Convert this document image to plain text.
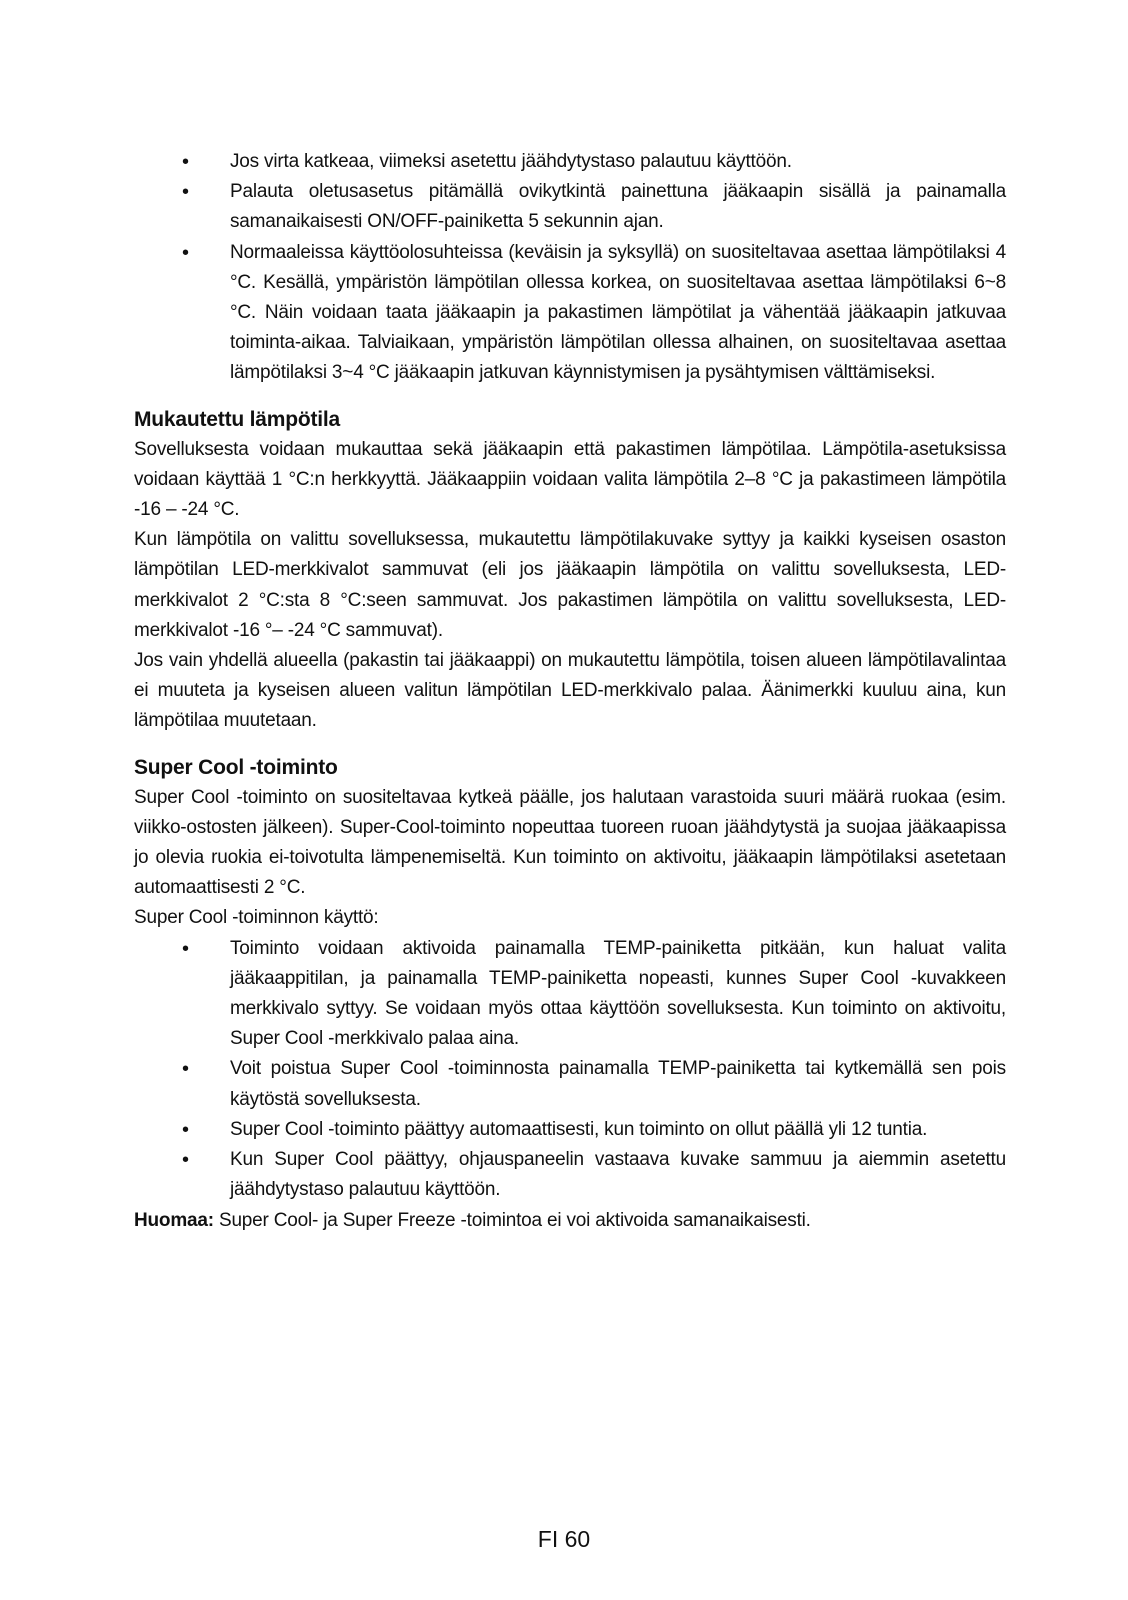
• Jos virta katkeaa, viimeksi asetettu jäähdytystaso palautuu käyttöön.
• Palauta oletusasetus pitämällä ovikytkintä painettuna jääkaapin sisällä ja painamalla samanaikaisesti ON/OFF-painiketta 5 sekunnin ajan.
• Normaaleissa käyttöolosuhteissa (keväisin ja syksyllä) on suositeltavaa asettaa lämpötilaksi 4 °C. Kesällä, ympäristön lämpötilan ollessa korkea, on suositeltavaa asettaa lämpötilaksi 6~8 °C. Näin voidaan taata jääkaapin ja pakastimen lämpötilat ja vähentää jääkaapin jatkuvaa toiminta-aikaa. Talviaikaan, ympäristön lämpötilan ollessa alhainen, on suositeltavaa asettaa lämpötilaksi 3~4 °C jääkaapin jatkuvan käynnistymisen ja pysähtymisen välttämiseksi.
Mukautettu lämpötila

Sovelluksesta voidaan mukauttaa sekä jääkaapin että pakastimen lämpötilaa. Lämpötila-asetuksissa voidaan käyttää 1 °C:n herkkyyttä. Jääkaappiin voidaan valita lämpötila 2–8 °C ja pakastimeen lämpötila -16 – -24 °C.

Kun lämpötila on valittu sovelluksessa, mukautettu lämpötilakuvake syttyy ja kaikki kyseisen osaston lämpötilan LED-merkkivalot sammuvat (eli jos jääkaapin lämpötila on valittu sovelluksesta, LED-merkkivalot 2 °C:sta 8 °C:seen sammuvat. Jos pakastimen lämpötila on valittu sovelluksesta, LED-merkkivalot -16 °– -24 °C sammuvat).

Jos vain yhdellä alueella (pakastin tai jääkaappi) on mukautettu lämpötila, toisen alueen lämpötilavalintaa ei muuteta ja kyseisen alueen valitun lämpötilan LED-merkkivalo palaa. Äänimerkki kuuluu aina, kun lämpötilaa muutetaan.

Super Cool -toiminto

Super Cool -toiminto on suositeltavaa kytkeä päälle, jos halutaan varastoida suuri määrä ruokaa (esim. viikko-ostosten jälkeen). Super-Cool-toiminto nopeuttaa tuoreen ruoan jäähdytystä ja suojaa jääkaapissa jo olevia ruokia ei-toivotulta lämpenemiseltä. Kun toiminto on aktivoitu, jääkaapin lämpötilaksi asetetaan automaattisesti 2 °C.

Super Cool -toiminnon käyttö:

• Toiminto voidaan aktivoida painamalla TEMP-painiketta pitkään, kun haluat valita jääkaappitilan, ja painamalla TEMP-painiketta nopeasti, kunnes Super Cool -kuvakkeen merkkivalo syttyy. Se voidaan myös ottaa käyttöön sovelluksesta. Kun toiminto on aktivoitu, Super Cool -merkkivalo palaa aina.
• Voit poistua Super Cool -toiminnosta painamalla TEMP-painiketta tai kytkemällä sen pois käytöstä sovelluksesta.
• Super Cool -toiminto päättyy automaattisesti, kun toiminto on ollut päällä yli 12 tuntia.
• Kun Super Cool päättyy, ohjauspaneelin vastaava kuvake sammuu ja aiemmin asetettu jäähdytystaso palautuu käyttöön.

Huomaa: Super Cool- ja Super Freeze -toimintoa ei voi aktivoida samanaikaisesti.

FI 60
